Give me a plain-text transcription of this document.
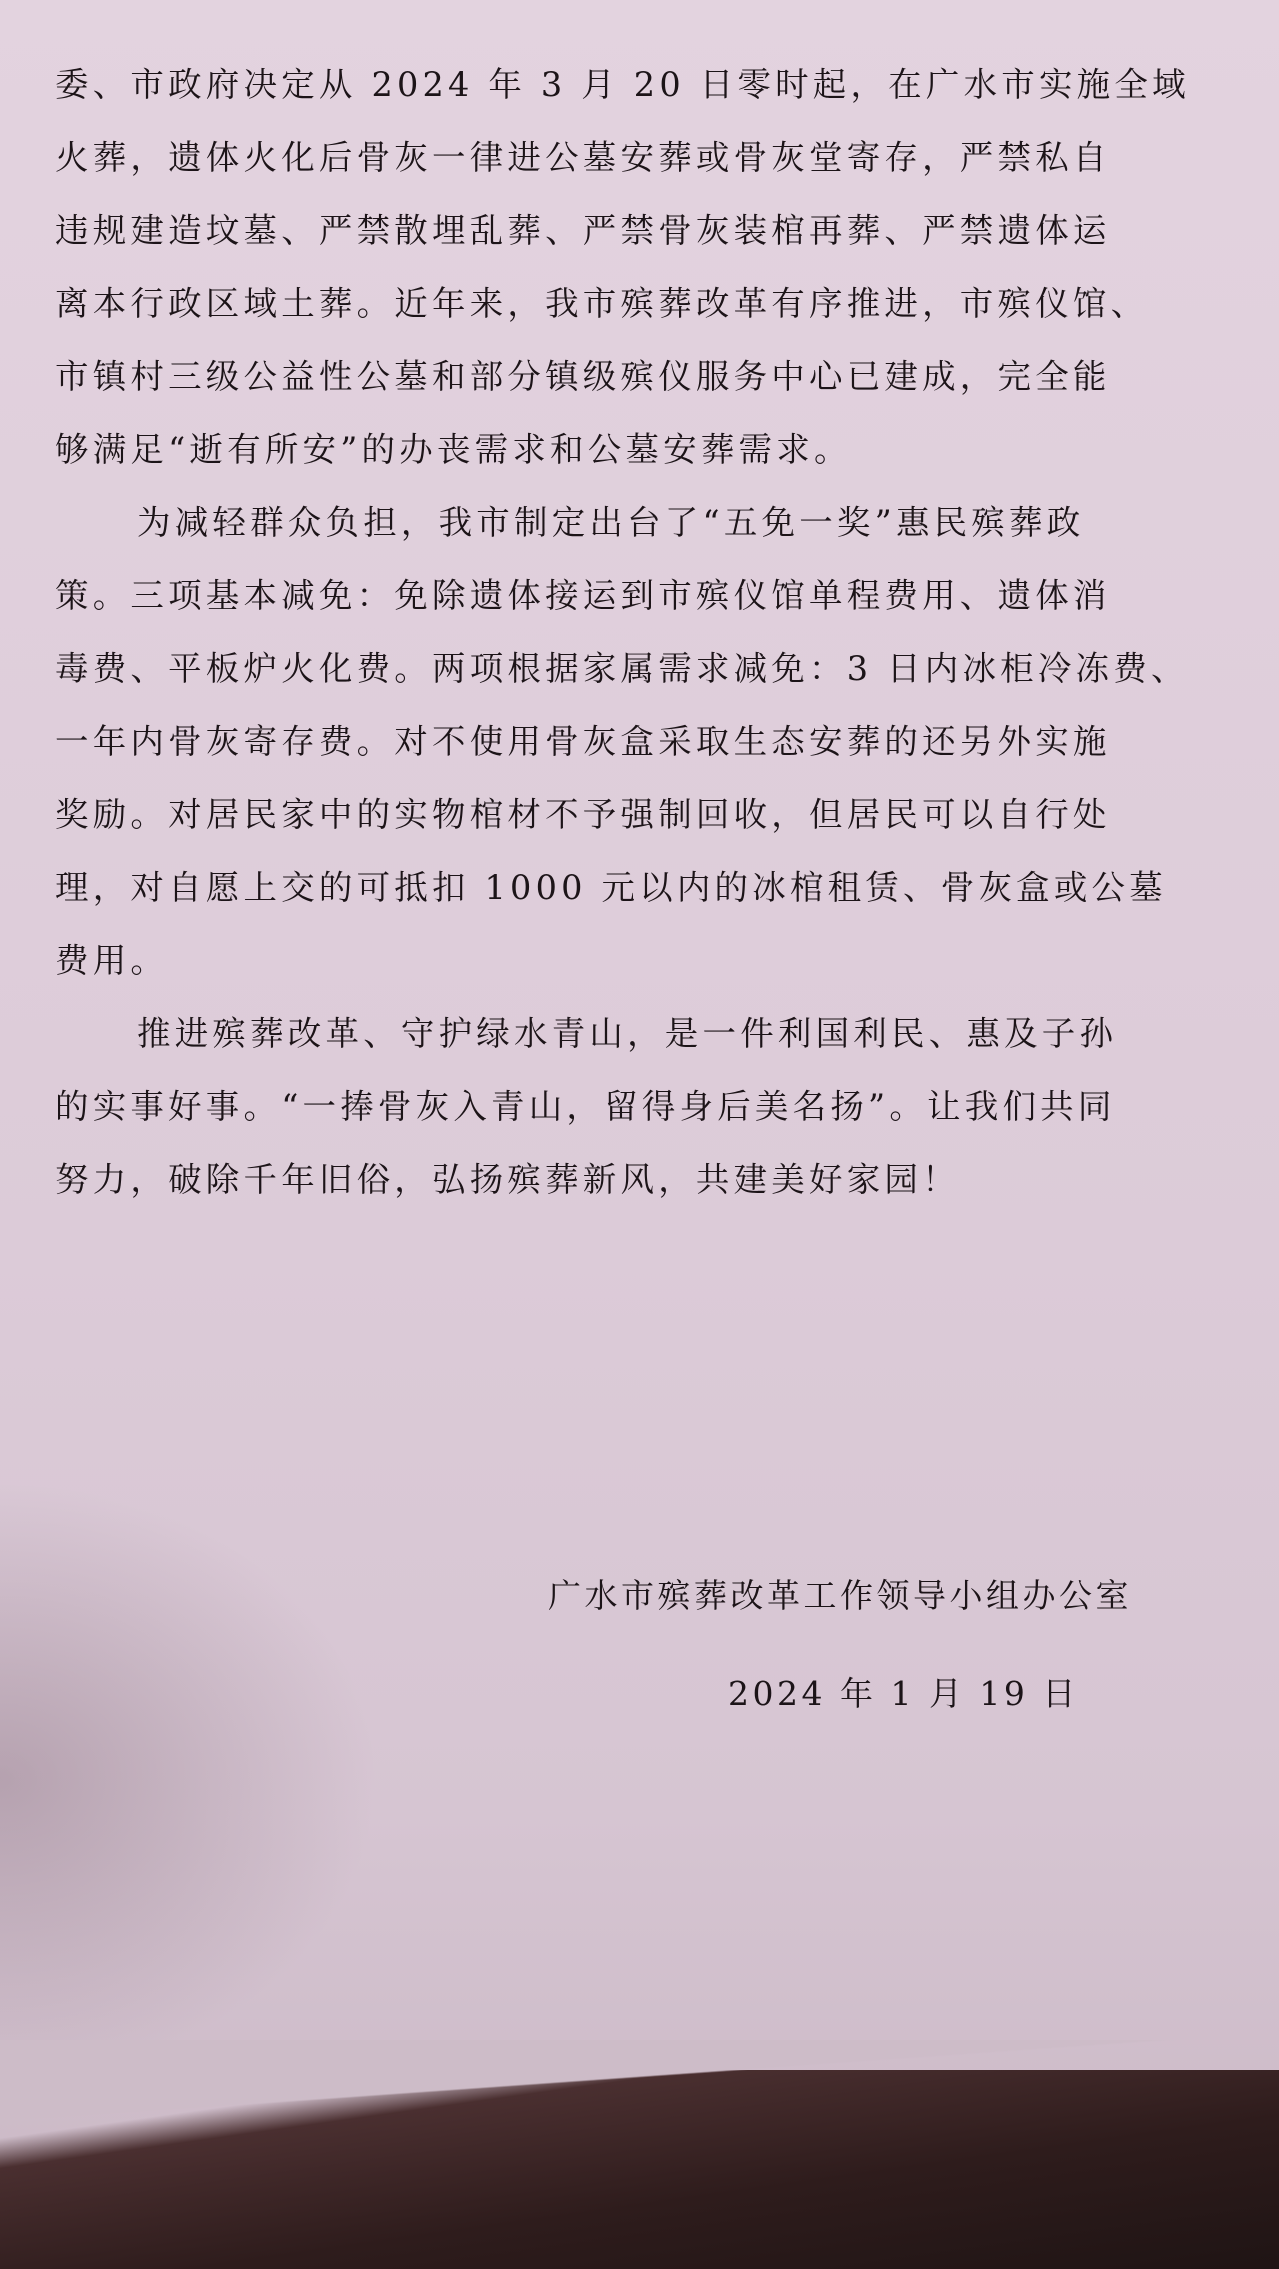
委、市政府决定从 2024 年 3 月 20 日零时起，在广水市实施全域
火葬，遗体火化后骨灰一律进公墓安葬或骨灰堂寄存，严禁私自
违规建造坟墓、严禁散埋乱葬、严禁骨灰装棺再葬、严禁遗体运
离本行政区域土葬。近年来，我市殡葬改革有序推进，市殡仪馆、
市镇村三级公益性公墓和部分镇级殡仪服务中心已建成，完全能
够满足“逝有所安”的办丧需求和公墓安葬需求。
为减轻群众负担，我市制定出台了“五免一奖”惠民殡葬政
策。三项基本减免：免除遗体接运到市殡仪馆单程费用、遗体消
毒费、平板炉火化费。两项根据家属需求减免：3 日内冰柜冷冻费、
一年内骨灰寄存费。对不使用骨灰盒采取生态安葬的还另外实施
奖励。对居民家中的实物棺材不予强制回收，但居民可以自行处
理，对自愿上交的可抵扣 1000 元以内的冰棺租赁、骨灰盒或公墓
费用。
推进殡葬改革、守护绿水青山，是一件利国利民、惠及子孙
的实事好事。“一捧骨灰入青山，留得身后美名扬”。让我们共同
努力，破除千年旧俗，弘扬殡葬新风，共建美好家园！
广水市殡葬改革工作领导小组办公室
2024 年 1 月 19 日
